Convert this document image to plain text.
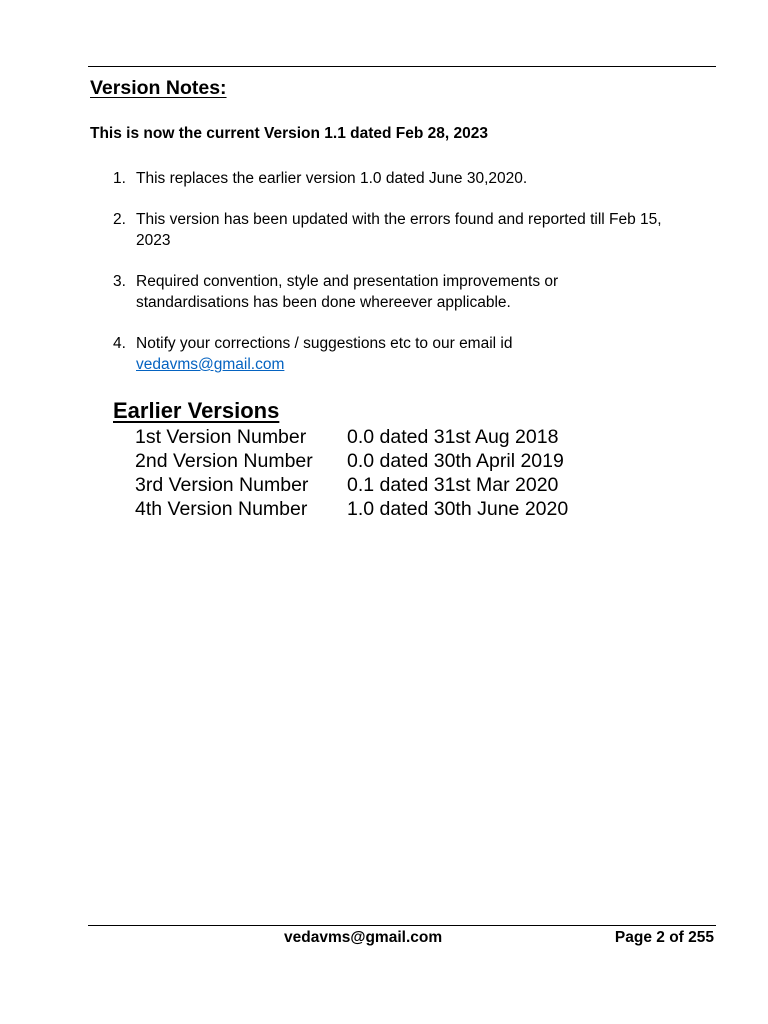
Version Notes:
This is now the current Version 1.1 dated Feb 28, 2023
1. This replaces the earlier version 1.0 dated June 30,2020.
2. This version has been updated with the errors found and reported till Feb 15, 2023
3. Required convention, style and presentation improvements or standardisations has been done whereever applicable.
4. Notify your corrections / suggestions etc to our email id
vedavms@gmail.com
Earlier Versions
1st Version Number	0.0 dated 31st Aug 2018
2nd Version Number	0.0 dated 30th April 2019
3rd Version Number	0.1 dated 31st Mar 2020
4th Version Number	1.0 dated 30th June 2020
vedavms@gmail.com	Page 2 of 255
